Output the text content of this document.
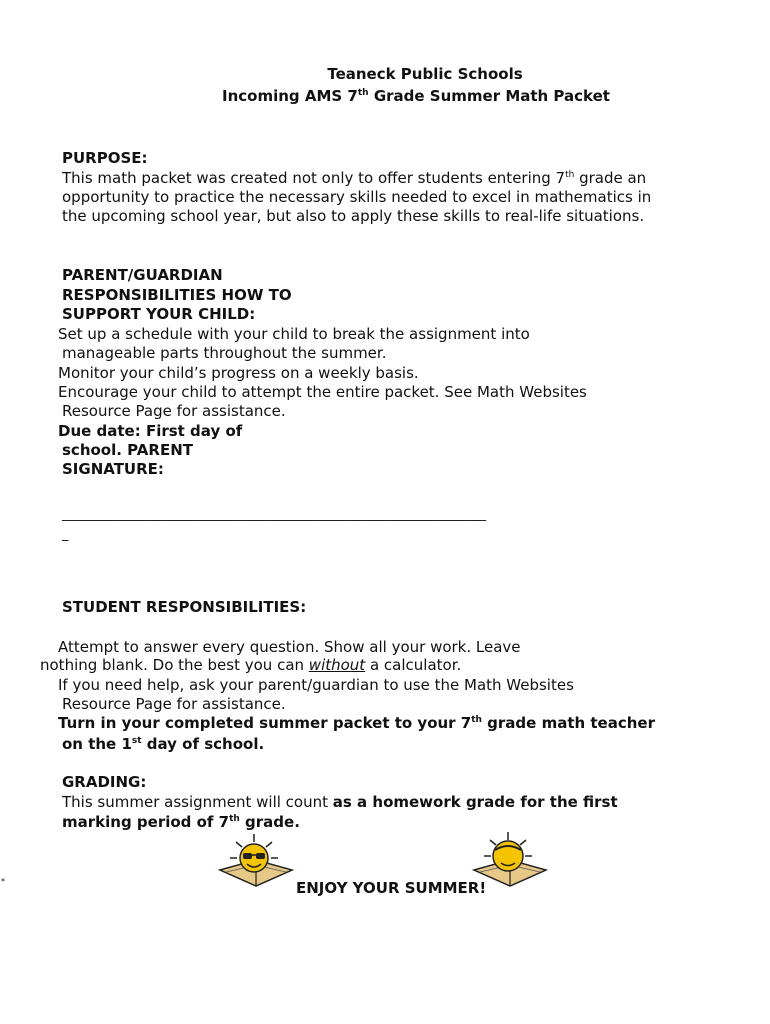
Teaneck Public Schools
Incoming AMS 7th Grade Summer Math Packet
PURPOSE:
This math packet was created not only to offer students entering 7th grade an
opportunity to practice the necessary skills needed to excel in mathematics in
the upcoming school year, but also to apply these skills to real-life situations.
PARENT/GUARDIAN
RESPONSIBILITIES HOW TO
SUPPORT YOUR CHILD:
Set up a schedule with your child to break the assignment into
manageable parts throughout the summer.
Monitor your child’s progress on a weekly basis.
Encourage your child to attempt the entire packet. See Math Websites
Resource Page for assistance.
Due date: First day of
school. PARENT
SIGNATURE:
______________________________________________________________________
_
STUDENT RESPONSIBILITIES:
Attempt to answer every question. Show all your work. Leave
nothing blank. Do the best you can without a calculator.
If you need help, ask your parent/guardian to use the Math Websites
Resource Page for assistance.
Turn in your completed summer packet to your 7th grade math teacher
on the 1st day of school.
GRADING:
This summer assignment will count as a homework grade for the first
marking period of 7th grade.
*	ENJOY YOUR SUMMER!
